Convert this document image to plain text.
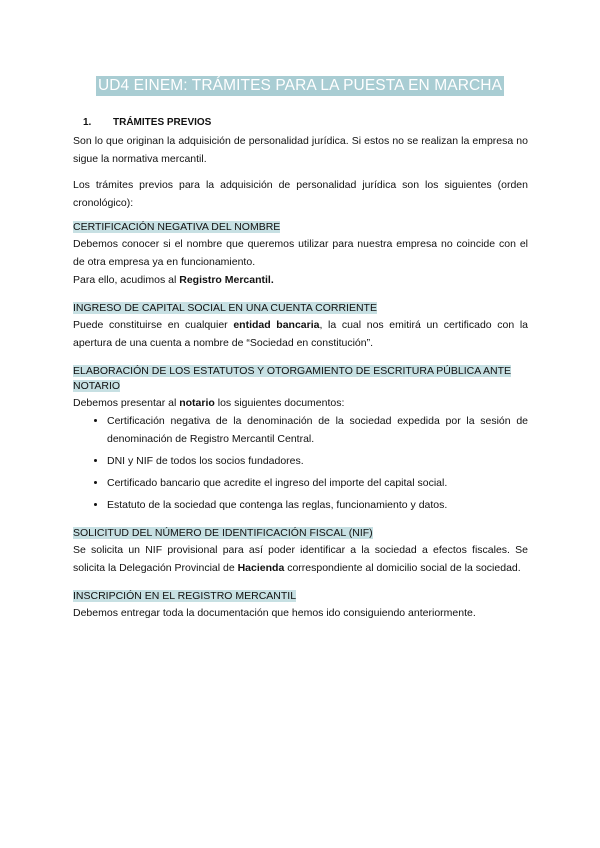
UD4 EINEM: TRÁMITES PARA LA PUESTA EN MARCHA
1. TRÁMITES PREVIOS

Son lo que originan la adquisición de personalidad jurídica. Si estos no se realizan la empresa no sigue la normativa mercantil.

Los trámites previos para la adquisición de personalidad jurídica son los siguientes (orden cronológico):

CERTIFICACIÓN NEGATIVA DEL NOMBRE

Debemos conocer si el nombre que queremos utilizar para nuestra empresa no coincide con el de otra empresa ya en funcionamiento.

Para ello, acudimos al Registro Mercantil.

INGRESO DE CAPITAL SOCIAL EN UNA CUENTA CORRIENTE

Puede constituirse en cualquier entidad bancaria, la cual nos emitirá un certificado con la apertura de una cuenta a nombre de “Sociedad en constitución”.

ELABORACIÓN DE LOS ESTATUTOS Y OTORGAMIENTO DE ESCRITURA PÚBLICA ANTE NOTARIO

Debemos presentar al notario los siguientes documentos:

• Certificación negativa de la denominación de la sociedad expedida por la sesión de denominación de Registro Mercantil Central.
• DNI y NIF de todos los socios fundadores.
• Certificado bancario que acredite el ingreso del importe del capital social.
• Estatuto de la sociedad que contenga las reglas, funcionamiento y datos.
SOLICITUD DEL NÚMERO DE IDENTIFICACIÓN FISCAL (NIF)

Se solicita un NIF provisional para así poder identificar a la sociedad a efectos fiscales. Se solicita la Delegación Provincial de Hacienda correspondiente al domicilio social de la sociedad.

INSCRIPCIÓN EN EL REGISTRO MERCANTIL

Debemos entregar toda la documentación que hemos ido consiguiendo anteriormente.
